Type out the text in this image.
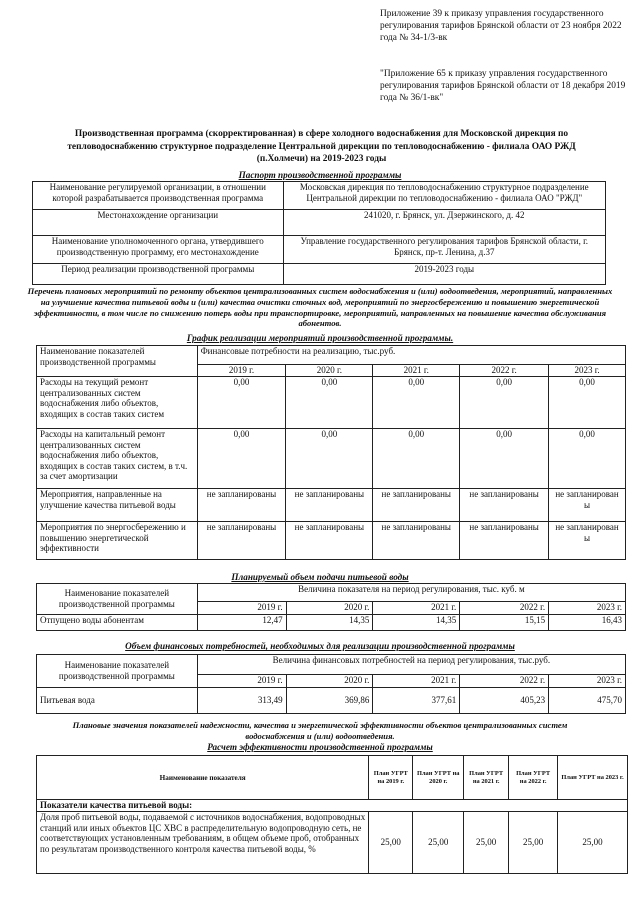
Приложение 39 к приказу управления государственного регулирования тарифов Брянской области от 23 ноября 2022 года № 34-1/3-вк
"Приложение 65 к приказу управления государственного регулирования тарифов Брянской области от 18 декабря 2019 года № 36/1-вк"
Производственная программа (скорректированная) в сфере холодного водоснабжения для Московской дирекция по тепловодоснабжению структурное подразделение Центральной дирекции по тепловодоснабжению - филиала ОАО РЖД (п.Холмечи) на 2019-2023 годы
Паспорт производственной программы
Наименование регулируемой организации, в отношении которой разрабатывается производственная программа	Московская дирекция по тепловодоснабжению структурное подразделение Центральной дирекции по тепловодоснабжению - филиала ОАО "РЖД"
Местонахождение организации	241020, г. Брянск, ул. Дзержинского, д. 42
Наименование уполномоченного органа, утвердившего производственную программу, его местонахождение	Управление государственного регулирования тарифов Брянской области, г. Брянск, пр-т. Ленина, д.37
Период реализации производственной программы	2019-2023 годы
Перечень плановых мероприятий по ремонту объектов централизованных систем водоснабжения и (или) водоотведения, мероприятий, направленных на улучшение качества питьевой воды и (или) качества очистки сточных вод, мероприятий по энергосбережению и повышению энергетической эффективности, в том числе по снижению потерь воды при транспортировке, мероприятий, направленных на повышение качества обслуживания абонентов.
График реализации мероприятий производственной программы.
Наименование показателей производственной программы	Финансовые потребности на реализацию, тыс.руб.				
	2019 г.	2020 г.	2021 г.	2022 г.	2023 г.
Расходы на текущий ремонт централизованных систем водоснабжения либо объектов, входящих в состав таких систем	0,00	0,00	0,00	0,00	0,00
Расходы на капитальный ремонт централизованных систем водоснабжения либо объектов, входящих в состав таких систем, в т.ч. за счет амортизации	0,00	0,00	0,00	0,00	0,00
Мероприятия, направленные на улучшение качества питьевой воды	не запланированы	не запланированы	не запланированы	не запланированы	не запланирован ы
Мероприятия по энергосбережению и повышению энергетической эффективности	не запланированы	не запланированы	не запланированы	не запланированы	не запланирован ы
Планируемый объем подачи питьевой воды
Наименование показателей производственной программы	Величина показателя на период регулирования, тыс. куб. м				
	2019 г.	2020 г.	2021 г.	2022 г.	2023 г.
Отпущено воды абонентам	12,47	14,35	14,35	15,15	16,43
Объем финансовых потребностей, необходимых для реализации производственной программы
Наименование показателей производственной программы	Величина финансовых потребностей на период регулирования, тыс.руб.				
	2019 г.	2020 г.	2021 г.	2022 г.	2023 г.
Питьевая вода	313,49	369,86	377,61	405,23	475,70
Плановые значения показателей надежности, качества и энергетической эффективности объектов централизованных систем водоснабжения и (или) водоотведения.
Расчет эффективности производственной программы
Наименование показателя	План УГРТ на 2019 г.	План УГРТ на 2020 г.	План УГРТ на 2021 г.	План УГРТ на 2022 г.	План УГРТ на 2023 г.
Показатели качества питьевой воды:					
Доля проб питьевой воды, подаваемой с источников водоснабжения, водопроводных станций или иных объектов ЦС ХВС в распределительную водопроводную сеть, не соответствующих установленным требованиям, в общем объеме проб, отобранных по результатам производственного контроля качества питьевой воды, %	25,00	25,00	25,00	25,00	25,00
